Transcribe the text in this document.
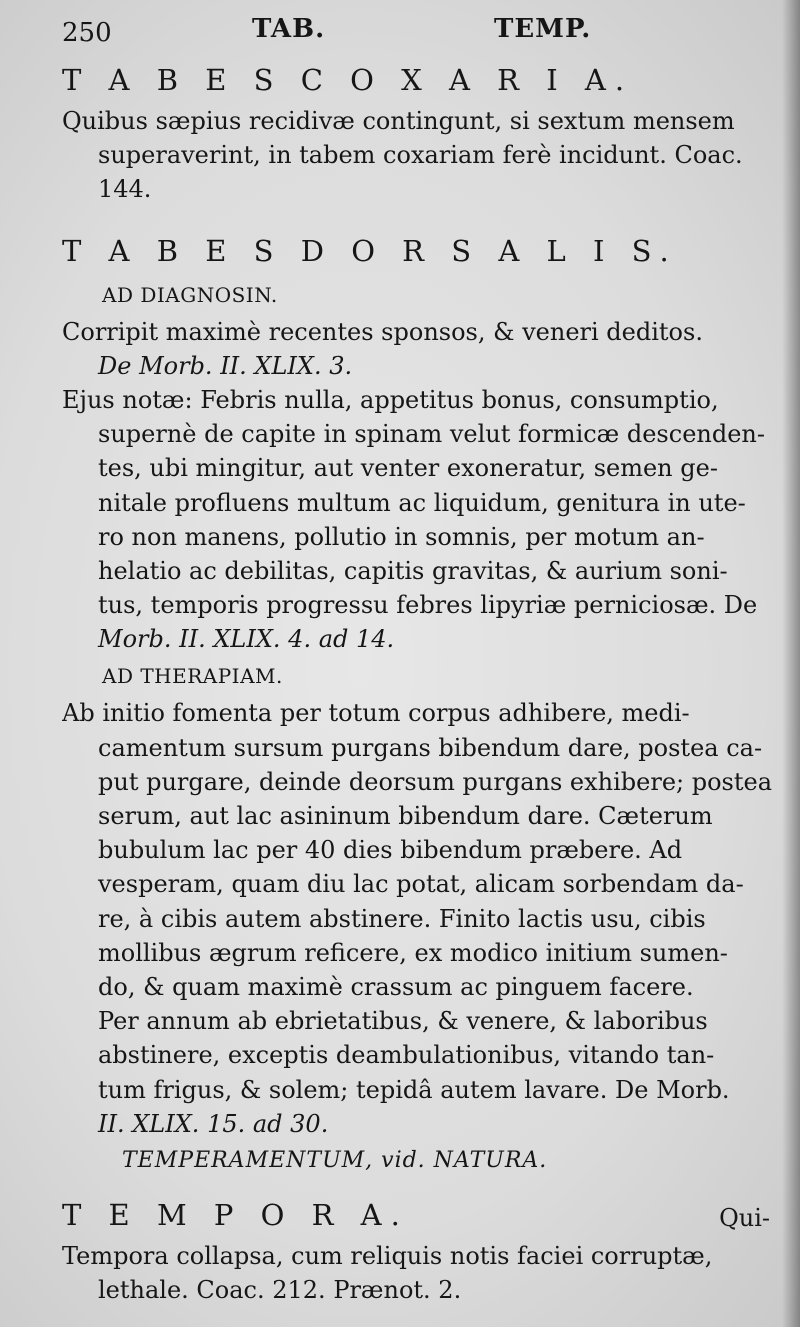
250	TAB.	TEMP.
T A B E S C O X A R I A.
Quibus sæpius recidivæ contingunt, si sextum mensem
superaverint, in tabem coxariam ferè incidunt. Coac.
144.
T A B E S D O R S A L I S.
AD DIAGNOSIN.
Corripit maximè recentes sponsos, & veneri deditos.
De Morb. II. XLIX. 3.
Ejus notæ: Febris nulla, appetitus bonus, consumptio,
supernè de capite in spinam velut formicæ descenden-
tes, ubi mingitur, aut venter exoneratur, semen ge-
nitale profluens multum ac liquidum, genitura in ute-
ro non manens, pollutio in somnis, per motum an-
helatio ac debilitas, capitis gravitas, & aurium soni-
tus, temporis progressu febres lipyriæ perniciosæ. De
Morb. II. XLIX. 4. ad 14.
AD THERAPIAM.
Ab initio fomenta per totum corpus adhibere, medi-
camentum sursum purgans bibendum dare, postea ca-
put purgare, deinde deorsum purgans exhibere; postea
serum, aut lac asininum bibendum dare. Cæterum
bubulum lac per 40 dies bibendum præbere. Ad
vesperam, quam diu lac potat, alicam sorbendam da-
re, à cibis autem abstinere. Finito lactis usu, cibis
mollibus ægrum reficere, ex modico initium sumen-
do, & quam maximè crassum ac pinguem facere.
Per annum ab ebrietatibus, & venere, & laboribus
abstinere, exceptis deambulationibus, vitando tan-
tum frigus, & solem; tepidâ autem lavare. De Morb.
II. XLIX. 15. ad 30.
TEMPERAMENTUM, vid. NATURA.
T E M P O R A.
Tempora collapsa, cum reliquis notis faciei corruptæ,
lethale. Coac. 212. Prænot. 2.
Qui-
